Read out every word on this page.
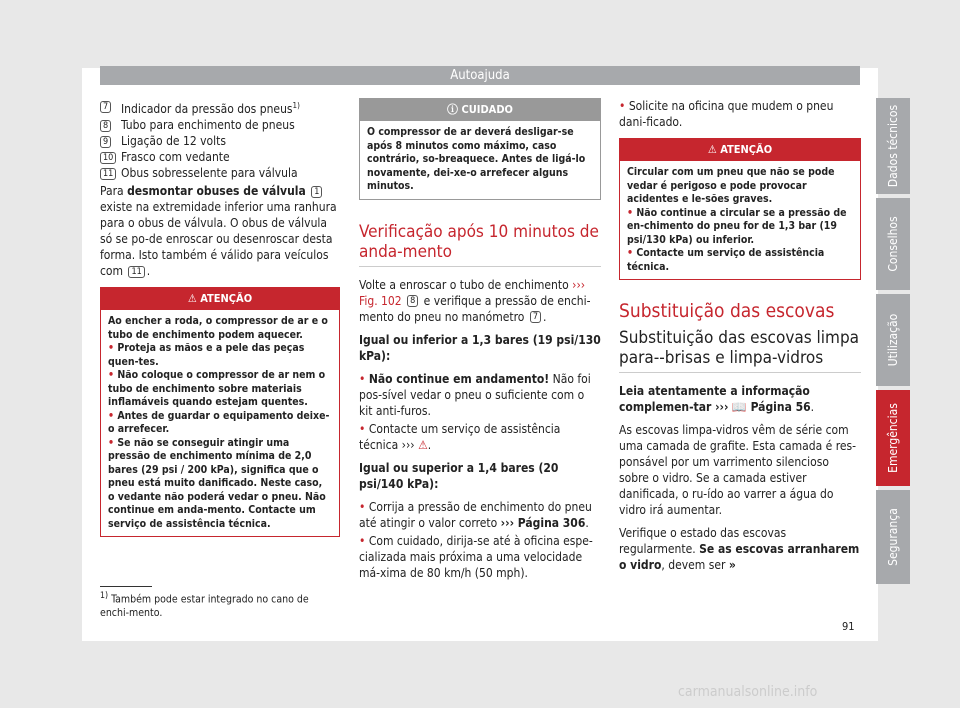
Autoajuda
7 Indicador da pressão dos pneus$^{1)}$
8 Tubo para enchimento de pneus
9 Ligação de 12 volts
10 Frasco com vedante
11 Obus sobresselente para válvula

Para desmontar obuses de válvula 1 existe na extremidade inferior uma ranhura para o obus de válvula. O obus de válvula só se po-de enroscar ou desenroscar desta forma. Isto também é válido para veículos com 11 .

⚠ ATENÇÃO
Ao encher a roda, o compressor de ar e o tubo de enchimento podem aquecer.
• Proteja as mãos e a pele das peças quen-tes.
• Não coloque o compressor de ar nem o tubo de enchimento sobre materiais inflamáveis quando estejam quentes.
• Antes de guardar o equipamento deixe-o arrefecer.
• Se não se conseguir atingir uma pressão de enchimento mínima de 2,0 bares (29 psi / 200 kPa), significa que o pneu está muito danificado. Neste caso, o vedante não poderá vedar o pneu. Não continue em anda-mento. Contacte um serviço de assistência técnica.
ⓘ CUIDADO
O compressor de ar deverá desligar-se após 8 minutos como máximo, caso contrário, so-breaquece. Antes de ligá-lo novamente, dei-xe-o arrefecer alguns minutos.
Verificação após 10 minutos de anda-mento

Volte a enroscar o tubo de enchimento ››› Fig. 102 8 e verifique a pressão de enchi-mento do pneu no manómetro 7 .

Igual ou inferior a 1,3 bares (19 psi/130 kPa):

• Não continue em andamento! Não foi pos-sível vedar o pneu o suficiente com o kit anti-furos.

• Contacte um serviço de assistência técnica ››› ⚠.

Igual ou superior a 1,4 bares (20 psi/140 kPa):

• Corrija a pressão de enchimento do pneu até atingir o valor correto ››› Página 306.

• Com cuidado, dirija-se até à oficina espe-cializada mais próxima a uma velocidade má-xima de 80 km/h (50 mph).

• Solicite na oficina que mudem o pneu dani-ficado.

⚠ ATENÇÃO
Circular com um pneu que não se pode vedar é perigoso e pode provocar acidentes e le-sões graves.
• Não continue a circular se a pressão de en-chimento do pneu for de 1,3 bar (19 psi/130 kPa) ou inferior.
• Contacte um serviço de assistência técnica.
Substituição das escovas
Substituição das escovas limpa para--brisas e limpa-vidros

Leia atentamente a informação complemen-tar ››› 📖 Página 56.

As escovas limpa-vidros vêm de série com uma camada de grafite. Esta camada é res-ponsável por um varrimento silencioso sobre o vidro. Se a camada estiver danificada, o ru-ído ao varrer a água do vidro irá aumentar.

Verifique o estado das escovas regularmente. Se as escovas arranharem o vidro, devem ser »

$^{1)}$ Também pode estar integrado no cano de enchi-mento.
91
Dados técnicos
Conselhos
Utilização
Emergências
Segurança
carmanualsonline.info
